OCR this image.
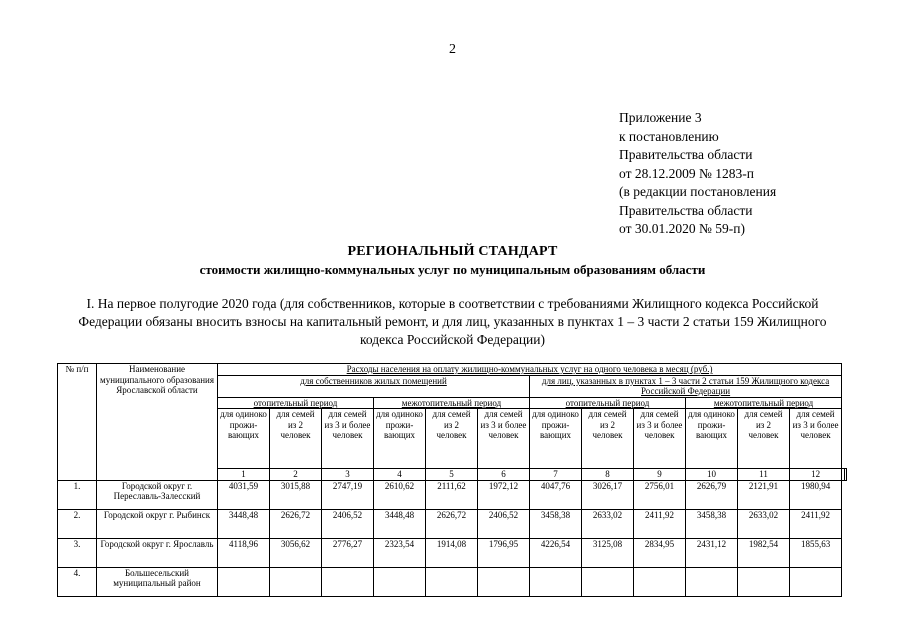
2
Приложение 3
к постановлению
Правительства области
от 28.12.2009 № 1283-п
(в редакции постановления
Правительства области
от 30.01.2020 № 59-п)
РЕГИОНАЛЬНЫЙ СТАНДАРТ
стоимости жилищно-коммунальных услуг по муниципальным образованиям области
I. На первое полугодие 2020 года (для собственников, которые в соответствии с требованиями Жилищного кодекса Российской Федерации обязаны вносить взносы на капитальный ремонт, и для лиц, указанных в пунктах 1 – 3 части 2 статьи 159 Жилищного кодекса Российской Федерации)
№ п/п	Наименование муниципального образования Ярославской области	Расходы населения на оплату жилищно-коммунальных услуг на одного человека в месяц (руб.)													
		для собственников жилых помещений						для лиц, указанных в пунктах 1 – 3 части 2 статьи 159 Жилищного кодекса Российской Федерации							
		отопительный период			межотопительный период			отопительный период			межотопительный период				
		для одиноко прожи- вающих	для семей из 2 человек	для семей из 3 и более человек	для одиноко прожи- вающих	для семей из 2 человек	для семей из 3 и более человек	для одиноко прожи- вающих	для семей из 2 человек	для семей из 3 и более человек	для одиноко прожи- вающих	для семей из 2 человек	для семей из 3 и более человек		
		1	2	3	4	5	6	7	8	9	10	11	12		
1.	Городской округ г. Переславль-Залесский	4031,59	3015,88	2747,19	2610,62	2111,62	1972,12	4047,76	3026,17	2756,01	2626,79	2121,91	1980,94		
2.	Городской округ г. Рыбинск	3448,48	2626,72	2406,52	3448,48	2626,72	2406,52	3458,38	2633,02	2411,92	3458,38	2633,02	2411,92		
3.	Городской округ г. Ярославль	4118,96	3056,62	2776,27	2323,54	1914,08	1796,95	4226,54	3125,08	2834,95	2431,12	1982,54	1855,63		
4.	Большесельский муниципальный район														
